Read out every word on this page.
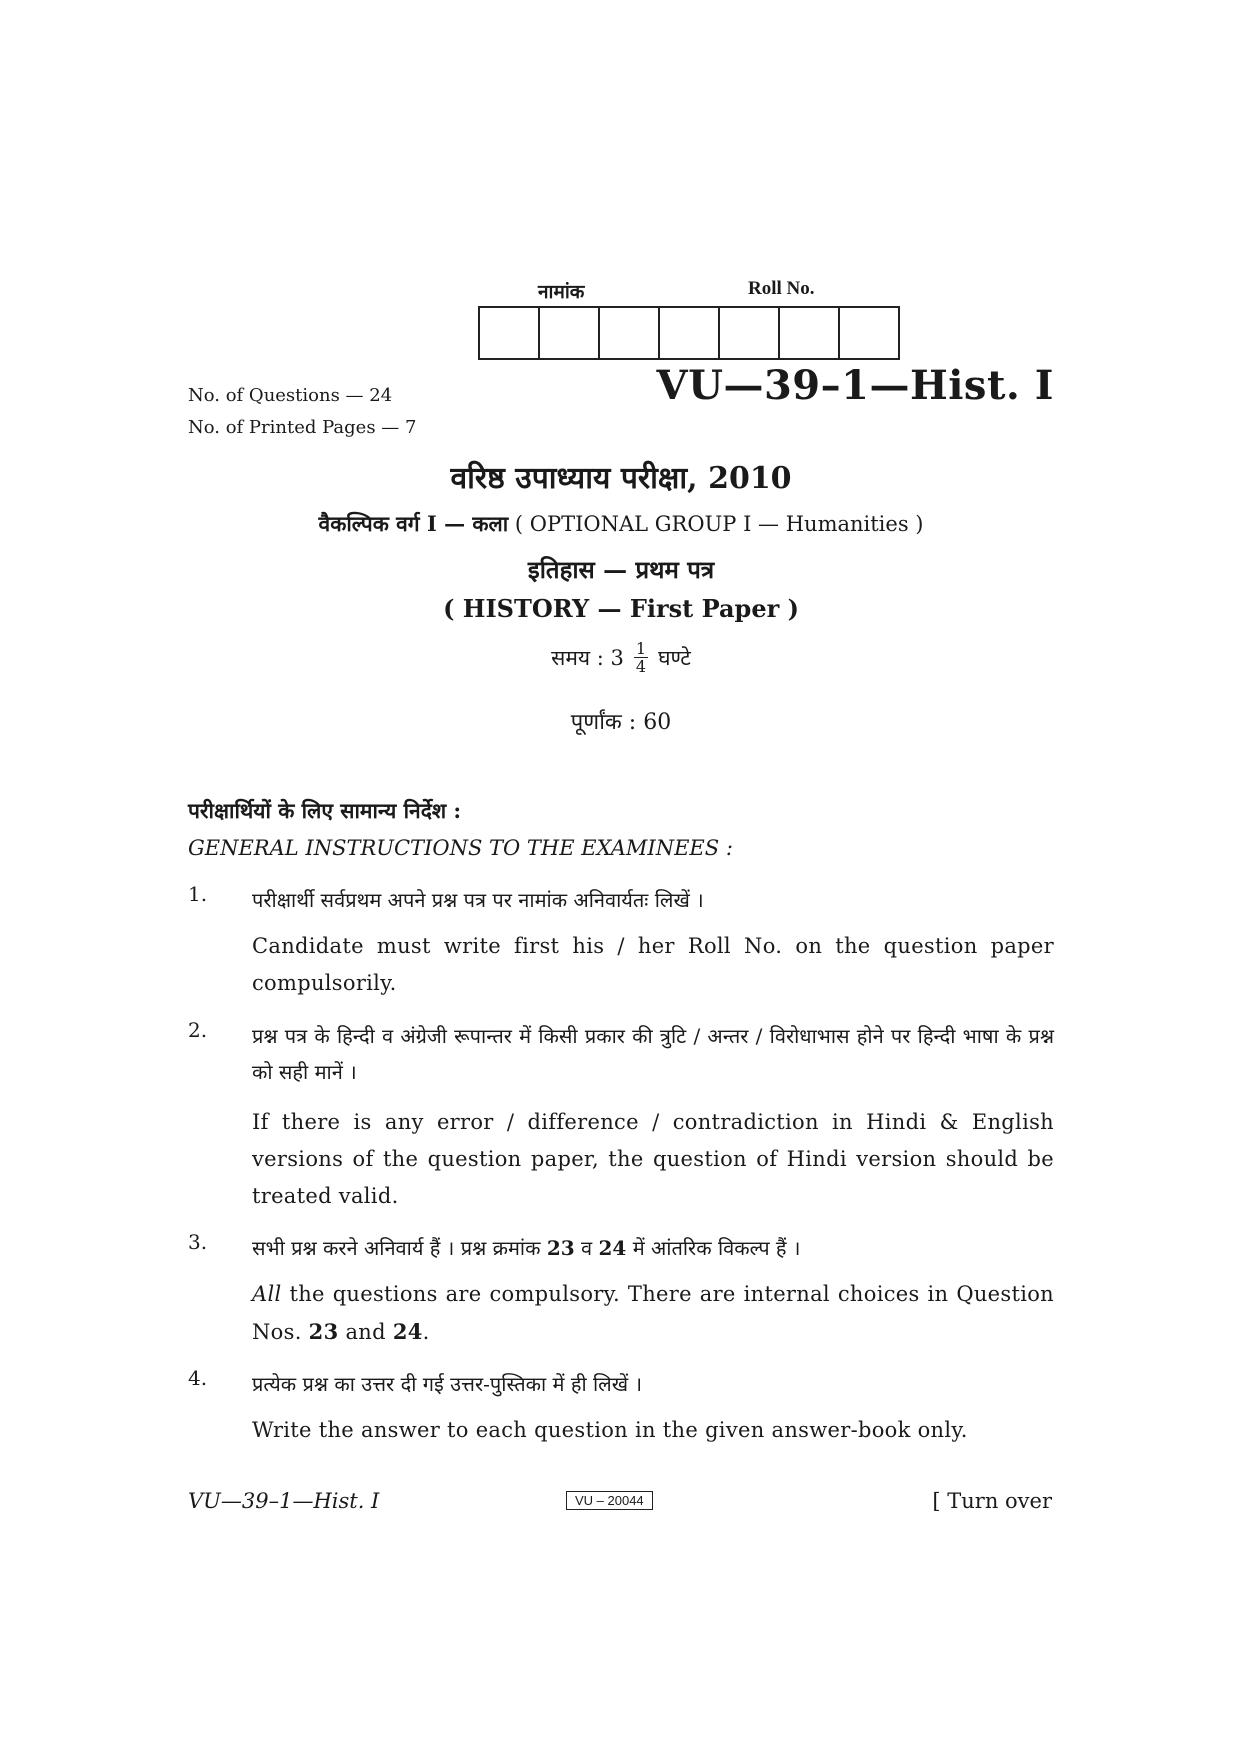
नामांक	Roll No.
No. of Questions — 24
No. of Printed Pages — 7
VU—39–1—Hist. I
वरिष्ठ उपाध्याय परीक्षा, 2010
वैकल्पिक वर्ग I — कला ( OPTIONAL GROUP I — Humanities )
इतिहास — प्रथम पत्र
( HISTORY — First Paper )
समय : $3 \frac{1}{4}$ घण्टे
पूर्णांक : 60
परीक्षार्थियों के लिए सामान्य निर्देश :
GENERAL INSTRUCTIONS TO THE EXAMINEES :
1. परीक्षार्थी सर्वप्रथम अपने प्रश्न पत्र पर नामांक अनिवार्यतः लिखें ।
Candidate must write first his / her Roll No. on the question paper compulsorily.
2. प्रश्न पत्र के हिन्दी व अंग्रेजी रूपान्तर में किसी प्रकार की त्रुटि / अन्तर / विरोधाभास होने पर हिन्दी भाषा के प्रश्न को सही मानें ।
If there is any error / difference / contradiction in Hindi & English versions of the question paper, the question of Hindi version should be treated valid.
3. सभी प्रश्न करने अनिवार्य हैं । प्रश्न क्रमांक 23 व 24 में आंतरिक विकल्प हैं ।
All the questions are compulsory. There are internal choices in Question Nos. 23 and 24.
4. प्रत्येक प्रश्न का उत्तर दी गई उत्तर-पुस्तिका में ही लिखें ।
Write the answer to each question in the given answer-book only.
VU—39–1—Hist. I	VU – 20044	[ Turn over
